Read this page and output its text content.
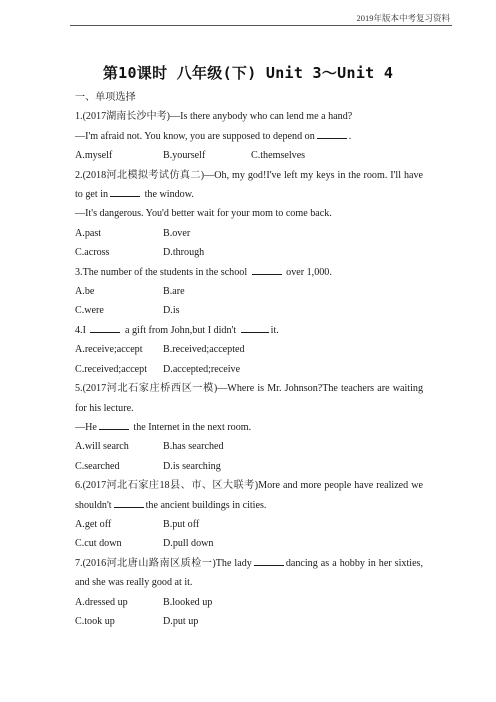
2019年版本中考复习资料
第10课时 八年级(下) Unit 3～Unit 4
一、单项选择
1.(2017湖南长沙中考)—Is there anybody who can lend me a hand?
—I'm afraid not. You know, you are supposed to depend on	.
A.myself	B.yourself	C.themselves
2.(2018河北模拟考试仿真二)—Oh, my god!I've left my keys in the room. I'll have to get in	the window.
—It's dangerous. You'd better wait for your mom to come back.
A.past	B.over
C.across	D.through
3.The number of the students in the school	over 1,000.
A.be	B.are
C.were	D.is
4.I	a gift from John,but I didn't	it.
A.receive;accept	B.received;accepted
C.received;accept	D.accepted;receive
5.(2017河北石家庄桥西区一模)—Where is Mr. Johnson?The teachers are waiting for his lecture.
—He	the Internet in the next room.
A.will search	B.has searched
C.searched	D.is searching
6.(2017河北石家庄18县、市、区大联考)More and more people have realized we shouldn't	the ancient buildings in cities.
A.get off	B.put off
C.cut down	D.pull down
7.(2016河北唐山路南区质检一)The lady	dancing as a hobby in her sixties, and she was really good at it.
A.dressed up	B.looked up
C.took up	D.put up
